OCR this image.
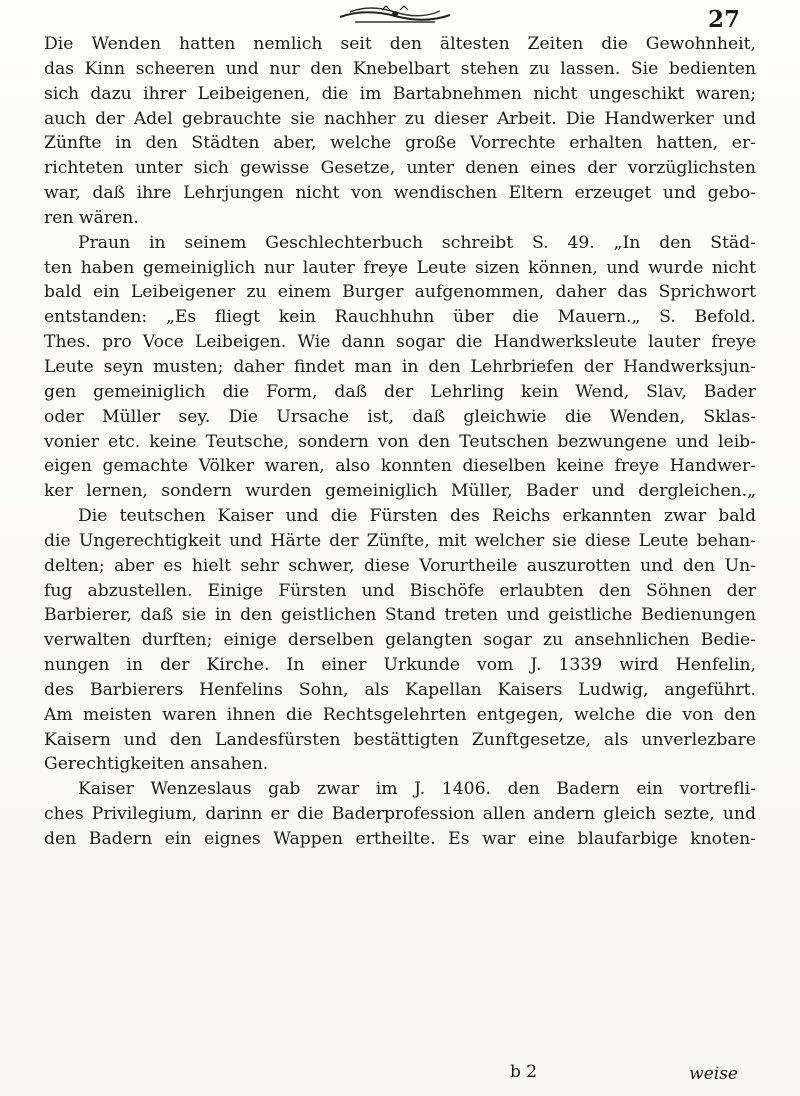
27
Die Wenden hatten nemlich seit den ältesten Zeiten die Gewohnheit,
das Kinn scheeren und nur den Knebelbart stehen zu lassen. Sie bedienten
sich dazu ihrer Leibeigenen, die im Bartabnehmen nicht ungeschikt waren;
auch der Adel gebrauchte sie nachher zu dieser Arbeit. Die Handwerker und
Zünfte in den Städten aber, welche große Vorrechte erhalten hatten, er-
richteten unter sich gewisse Gesetze, unter denen eines der vorzüglichsten
war, daß ihre Lehrjungen nicht von wendischen Eltern erzeuget und gebo-
ren wären.
Praun in seinem Geschlechterbuch schreibt S. 49. „In den Städ-
ten haben gemeiniglich nur lauter freye Leute sizen können, und wurde nicht
bald ein Leibeigener zu einem Burger aufgenommen, daher das Sprichwort
entstanden: „Es fliegt kein Rauchhuhn über die Mauern.„ S. Befold.
Thes. pro Voce Leibeigen. Wie dann sogar die Handwerksleute lauter freye
Leute seyn musten; daher findet man in den Lehrbriefen der Handwerksjun-
gen gemeiniglich die Form, daß der Lehrling kein Wend, Slav, Bader
oder Müller sey. Die Ursache ist, daß gleichwie die Wenden, Sklas-
vonier etc. keine Teutsche, sondern von den Teutschen bezwungene und leib-
eigen gemachte Völker waren, also konnten dieselben keine freye Handwer-
ker lernen, sondern wurden gemeiniglich Müller, Bader und dergleichen.„
Die teutschen Kaiser und die Fürsten des Reichs erkannten zwar bald
die Ungerechtigkeit und Härte der Zünfte, mit welcher sie diese Leute behan-
delten; aber es hielt sehr schwer, diese Vorurtheile auszurotten und den Un-
fug abzustellen. Einige Fürsten und Bischöfe erlaubten den Söhnen der
Barbierer, daß sie in den geistlichen Stand treten und geistliche Bedienungen
verwalten durften; einige derselben gelangten sogar zu ansehnlichen Bedie-
nungen in der Kirche. In einer Urkunde vom J. 1339 wird Henfelin,
des Barbierers Henfelins Sohn, als Kapellan Kaisers Ludwig, angeführt.
Am meisten waren ihnen die Rechtsgelehrten entgegen, welche die von den
Kaisern und den Landesfürsten bestättigten Zunftgesetze, als unverlezbare
Gerechtigkeiten ansahen.
Kaiser Wenzeslaus gab zwar im J. 1406. den Badern ein vortrefli-
ches Privilegium, darinn er die Baderprofession allen andern gleich sezte, und
den Badern ein eignes Wappen ertheilte. Es war eine blaufarbige knoten-
b 2	weise
